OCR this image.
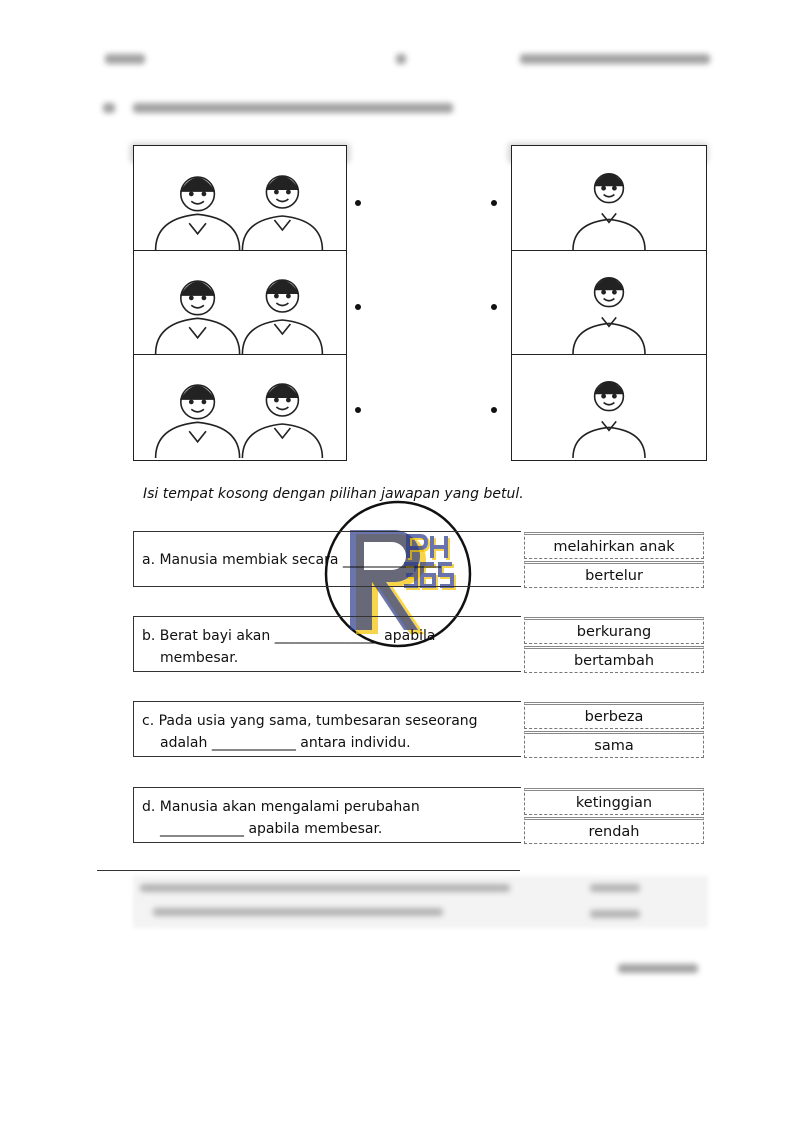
Isi tempat kosong dengan pilihan jawapan yang betul.
a. Manusia membiak secara ______________
melahirkan anak
bertelur
b. Berat bayi akan _______________ apabila
membesar.
berkurang
bertambah
c. Pada usia yang sama, tumbesaran seseorang
adalah ____________ antara individu.
berbeza
sama
d. Manusia akan mengalami perubahan
____________ apabila membesar.
ketinggian
rendah
